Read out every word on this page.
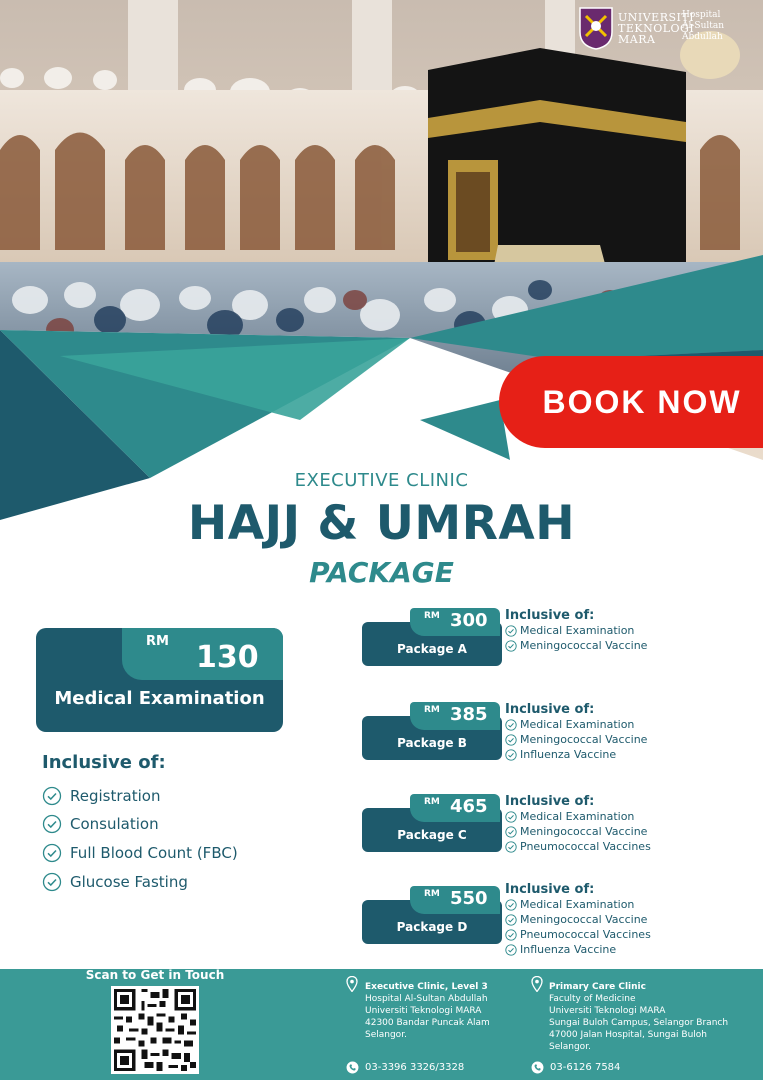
UNIVERSITI
TEKNOLOGI
MARA
Hospital
Al-Sultan Abdullah
BOOK NOW
EXECUTIVE CLINIC
HAJJ & UMRAH
PACKAGE
RM 130
Medical Examination
Inclusive of:
Registration
Consulation
Full Blood Count (FBC)
Glucose Fasting
RM 300
Package A
Inclusive of:
Medical Examination
Meningococcal Vaccine
RM 385
Package B
Inclusive of:
Medical Examination
Meningococcal Vaccine
Influenza Vaccine
RM 465
Package C
Inclusive of:
Medical Examination
Meningococcal Vaccine
Pneumococcal Vaccines
RM 550
Package D
Inclusive of:
Medical Examination
Meningococcal Vaccine
Pneumococcal Vaccines
Influenza Vaccine
Scan to Get in Touch
Executive Clinic, Level 3
Hospital Al-Sultan Abdullah
Universiti Teknologi MARA
42300 Bandar Puncak Alam
Selangor.
03-3396 3326/3328
Primary Care Clinic
Faculty of Medicine
Universiti Teknologi MARA
Sungai Buloh Campus, Selangor Branch
47000 Jalan Hospital, Sungai Buloh
Selangor.
03-6126 7584
